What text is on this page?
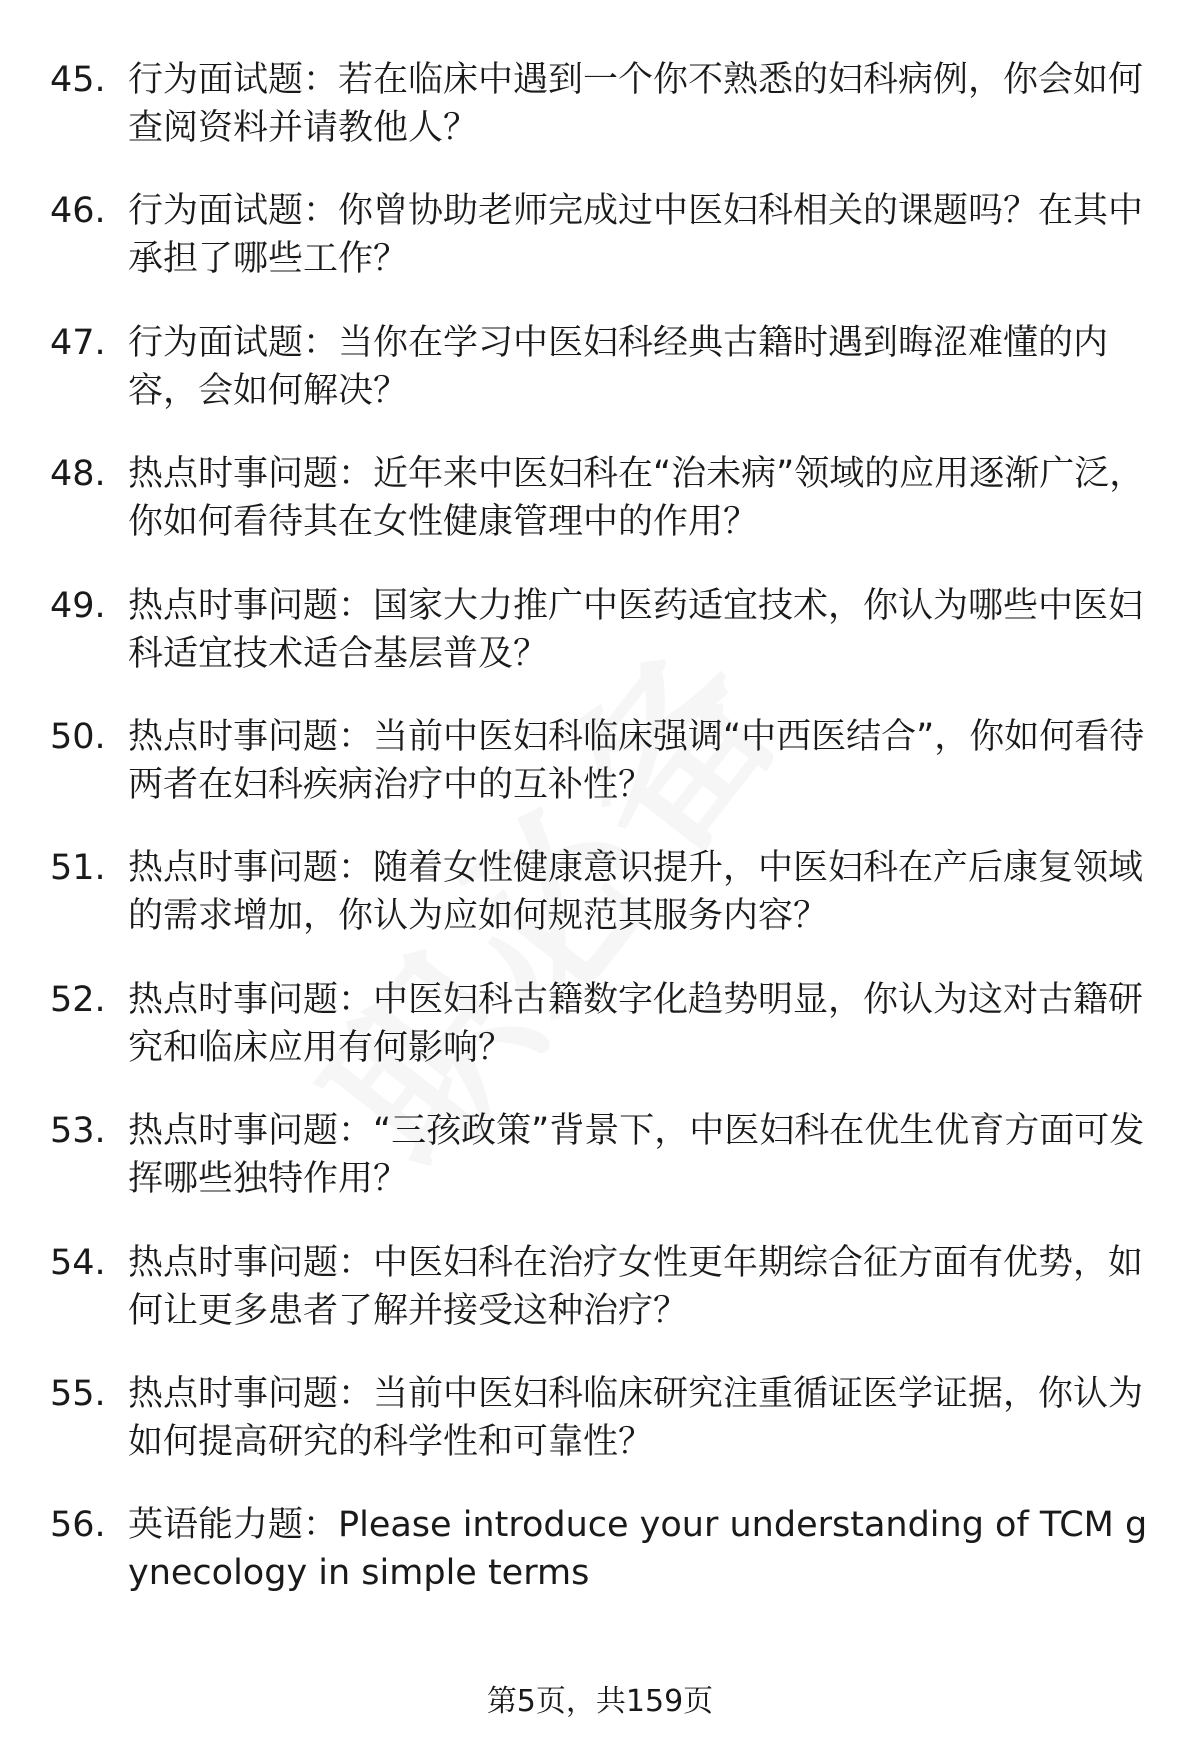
45. 行为面试题：若在临床中遇到一个你不熟悉的妇科病例，你会如何查阅资料并请教他人？
46. 行为面试题：你曾协助老师完成过中医妇科相关的课题吗？在其中承担了哪些工作？
47. 行为面试题：当你在学习中医妇科经典古籍时遇到晦涩难懂的内容，会如何解决？
48. 热点时事问题：近年来中医妇科在“治未病”领域的应用逐渐广泛，你如何看待其在女性健康管理中的作用？
49. 热点时事问题：国家大力推广中医药适宜技术，你认为哪些中医妇科适宜技术适合基层普及？
50. 热点时事问题：当前中医妇科临床强调“中西医结合”，你如何看待两者在妇科疾病治疗中的互补性？
51. 热点时事问题：随着女性健康意识提升，中医妇科在产后康复领域的需求增加，你认为应如何规范其服务内容？
52. 热点时事问题：中医妇科古籍数字化趋势明显，你认为这对古籍研究和临床应用有何影响？
53. 热点时事问题：“三孩政策”背景下，中医妇科在优生优育方面可发挥哪些独特作用？
54. 热点时事问题：中医妇科在治疗女性更年期综合征方面有优势，如何让更多患者了解并接受这种治疗？
55. 热点时事问题：当前中医妇科临床研究注重循证医学证据，你认为如何提高研究的科学性和可靠性？
56. 英语能力题：Please introduce your understanding of TCM gynecology in simple terms
第5页，共159页
